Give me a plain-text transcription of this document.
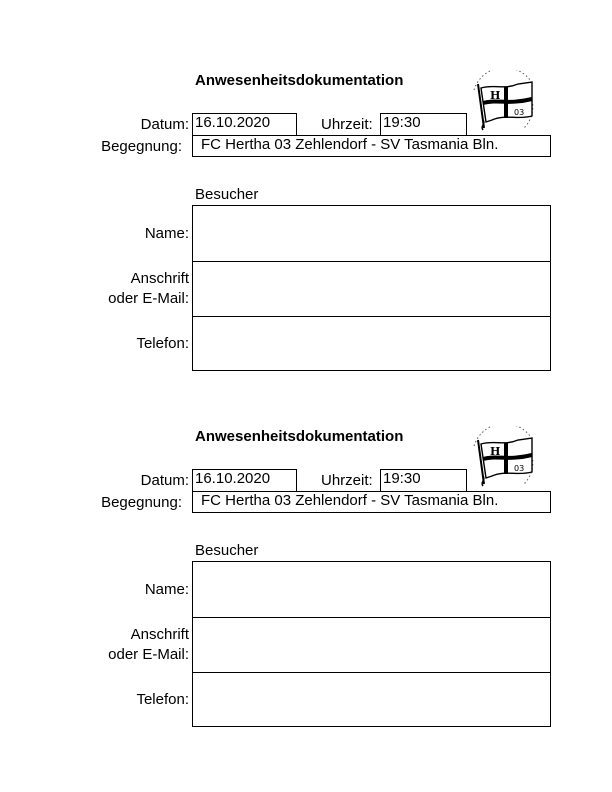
Anwesenheitsdokumentation
H
03
Datum: 16.10.2020	Uhrzeit: 19:30
Begegnung:	FC Hertha 03 Zehlendorf - SV Tasmania Bln.
Besucher
Name:
Anschrift
oder E-Mail:
Telefon:
Anwesenheitsdokumentation
H
03
Datum: 16.10.2020	Uhrzeit: 19:30
Begegnung:	FC Hertha 03 Zehlendorf - SV Tasmania Bln.
Besucher
Name:
Anschrift
oder E-Mail:
Telefon:
